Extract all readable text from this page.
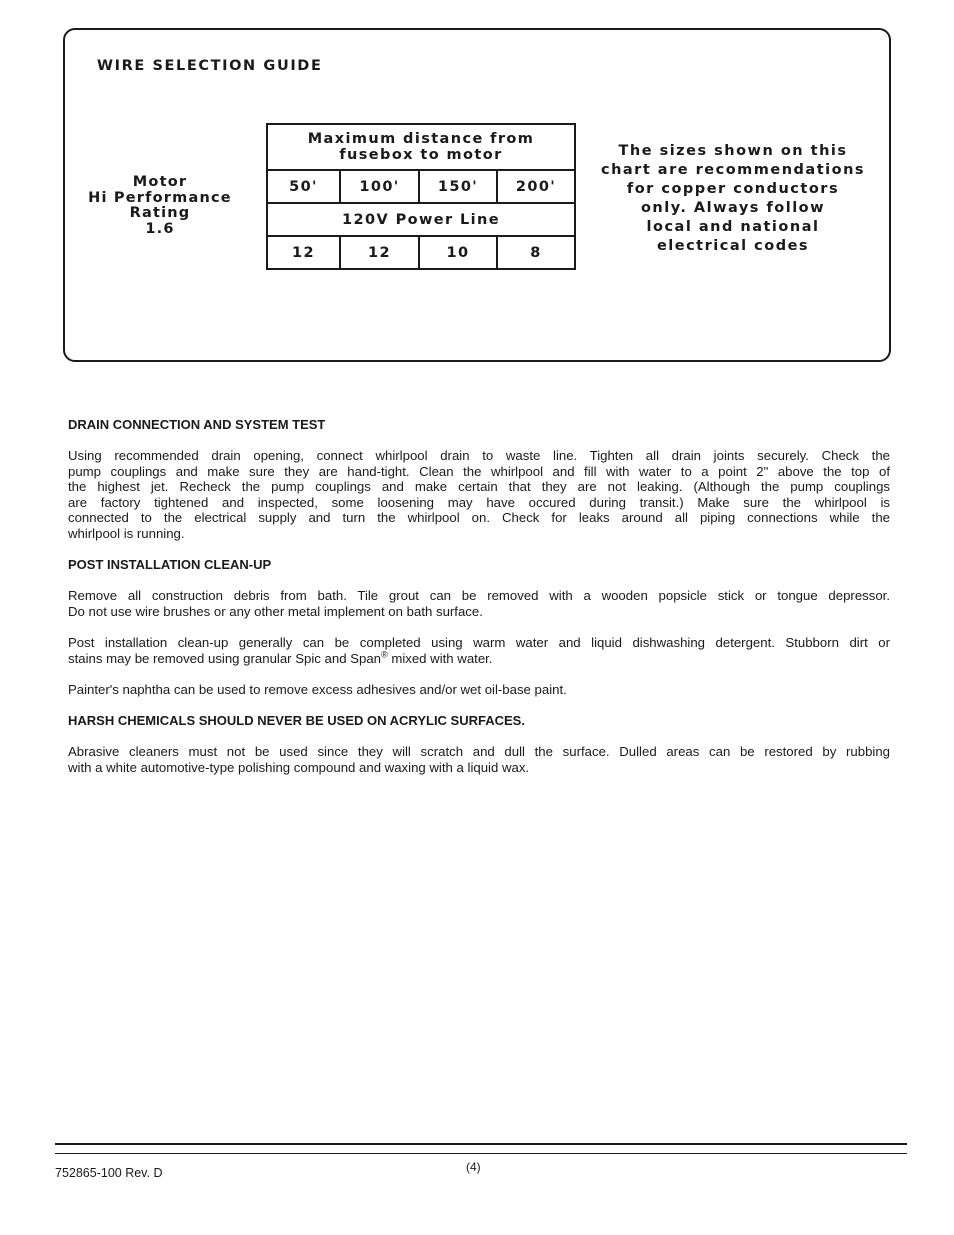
WIRE SELECTION GUIDE
Motor
Hi Performance
Rating
1.6
Maximum distance from
fusebox to motor			

50'	100'	150'	200'
120V Power Line			
12	12	10	8
The sizes shown on this
chart are recommendations
for copper conductors
only. Always follow
local and national
electrical codes
DRAIN CONNECTION AND SYSTEM TEST
Using recommended drain opening, connect whirlpool drain to waste line. Tighten all drain joints securely. Check the
pump couplings and make sure they are hand-tight. Clean the whirlpool and fill with water to a point 2" above the top of
the highest jet. Recheck the pump couplings and make certain that they are not leaking. (Although the pump couplings
are factory tightened and inspected, some loosening may have occured during transit.) Make sure the whirlpool is
connected to the electrical supply and turn the whirlpool on. Check for leaks around all piping connections while the
whirlpool is running.
POST INSTALLATION CLEAN-UP
Remove all construction debris from bath. Tile grout can be removed with a wooden popsicle stick or tongue depressor.
Do not use wire brushes or any other metal implement on bath surface.
Post installation clean-up generally can be completed using warm water and liquid dishwashing detergent. Stubborn dirt or
stains may be removed using granular Spic and Span® mixed with water.
Painter's naphtha can be used to remove excess adhesives and/or wet oil-base paint.
HARSH CHEMICALS SHOULD NEVER BE USED ON ACRYLIC SURFACES.
Abrasive cleaners must not be used since they will scratch and dull the surface. Dulled areas can be restored by rubbing
with a white automotive-type polishing compound and waxing with a liquid wax.
(4)
752865-100 Rev. D
